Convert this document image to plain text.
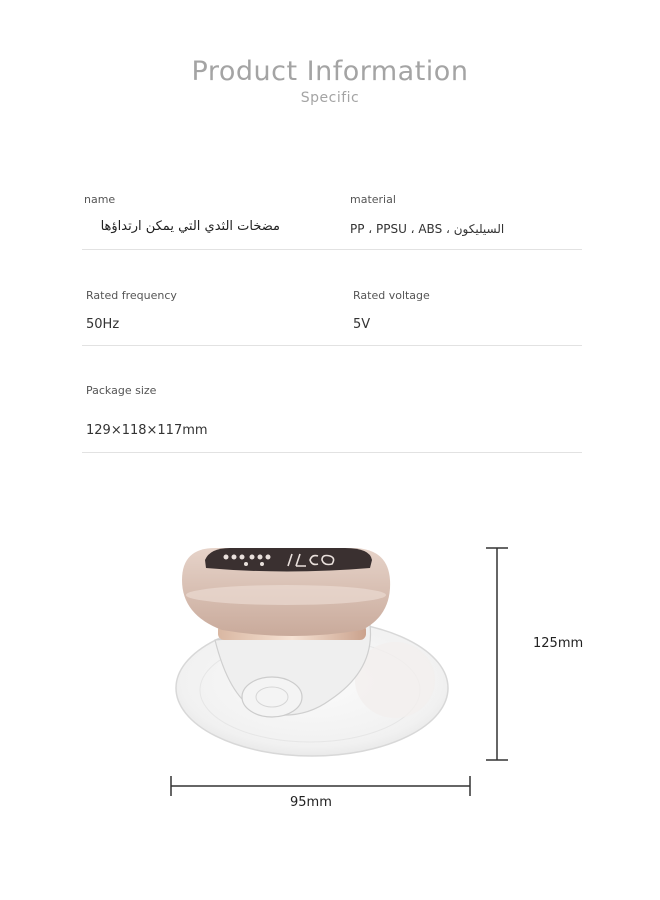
Product Information
Specific
name
مضخات الثدي التي يمكن ارتداؤها
material
PP ، PPSU ، ABS ، السيليكون
Rated frequency
50Hz
Rated voltage
5V
Package size
129×118×117mm
125mm
95mm
